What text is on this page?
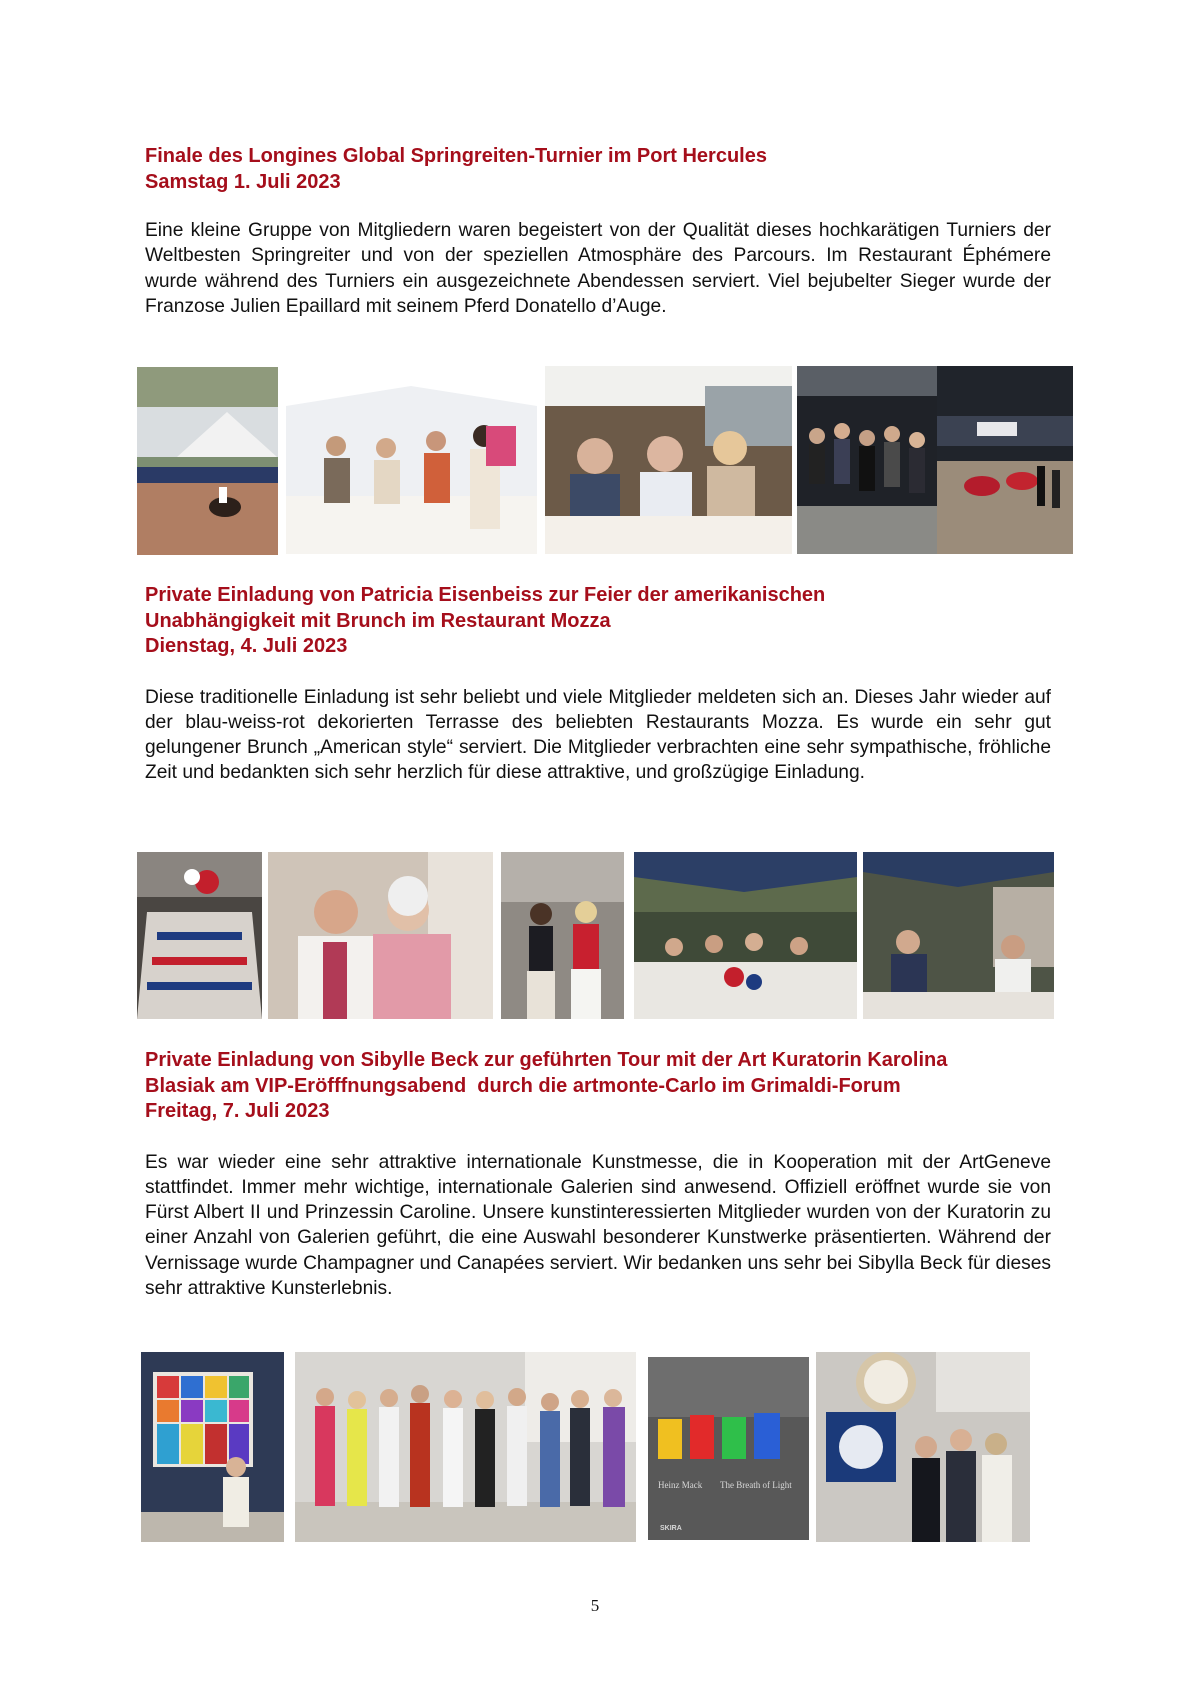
Finale des Longines Global Springreiten-Turnier im Port Hercules
Samstag 1. Juli 2023

Eine kleine Gruppe von Mitgliedern waren begeistert von der Qualität dieses hochkarätigen Turniers der Weltbesten Springreiter und von der speziellen Atmosphäre des Parcours. Im Restaurant Éphémere wurde während des Turniers ein ausgezeichnete Abendessen serviert. Viel bejubelter Sieger wurde der Franzose Julien Epaillard mit seinem Pferd Donatello d’Auge.

Private Einladung von Patricia Eisenbeiss zur Feier der amerikanischen
Unabhängigkeit mit Brunch im Restaurant Mozza
Dienstag, 4. Juli 2023

Diese traditionelle Einladung ist sehr beliebt und viele Mitglieder meldeten sich an. Dieses Jahr wieder auf der blau-weiss-rot dekorierten Terrasse des beliebten Restaurants Mozza. Es wurde ein sehr gut gelungener Brunch „American style“ serviert. Die Mitglieder verbrachten eine sehr sympathische, fröhliche Zeit und bedankten sich sehr herzlich für diese attraktive, und großzügige Einladung.

Private Einladung von Sibylle Beck zur geführten Tour mit der Art Kuratorin Karolina
Blasiak am VIP-Eröfffnungsabend  durch die artmonte-Carlo im Grimaldi-Forum
Freitag, 7. Juli 2023

Es war wieder eine sehr attraktive internationale Kunstmesse, die in Kooperation mit der ArtGeneve stattfindet. Immer mehr wichtige, internationale Galerien sind anwesend. Offiziell eröffnet wurde sie von Fürst Albert II und Prinzessin Caroline. Unsere kunstinteressierten Mitglieder wurden von der Kuratorin zu einer Anzahl von Galerien geführt, die eine Auswahl besonderer Kunstwerke präsentierten. Während der Vernissage wurde Champagner und Canapées serviert. Wir bedanken uns sehr bei Sibylla Beck für dieses sehr attraktive Kunsterlebnis.

Heinz Mack The Breath of Light
SKIRA
5
